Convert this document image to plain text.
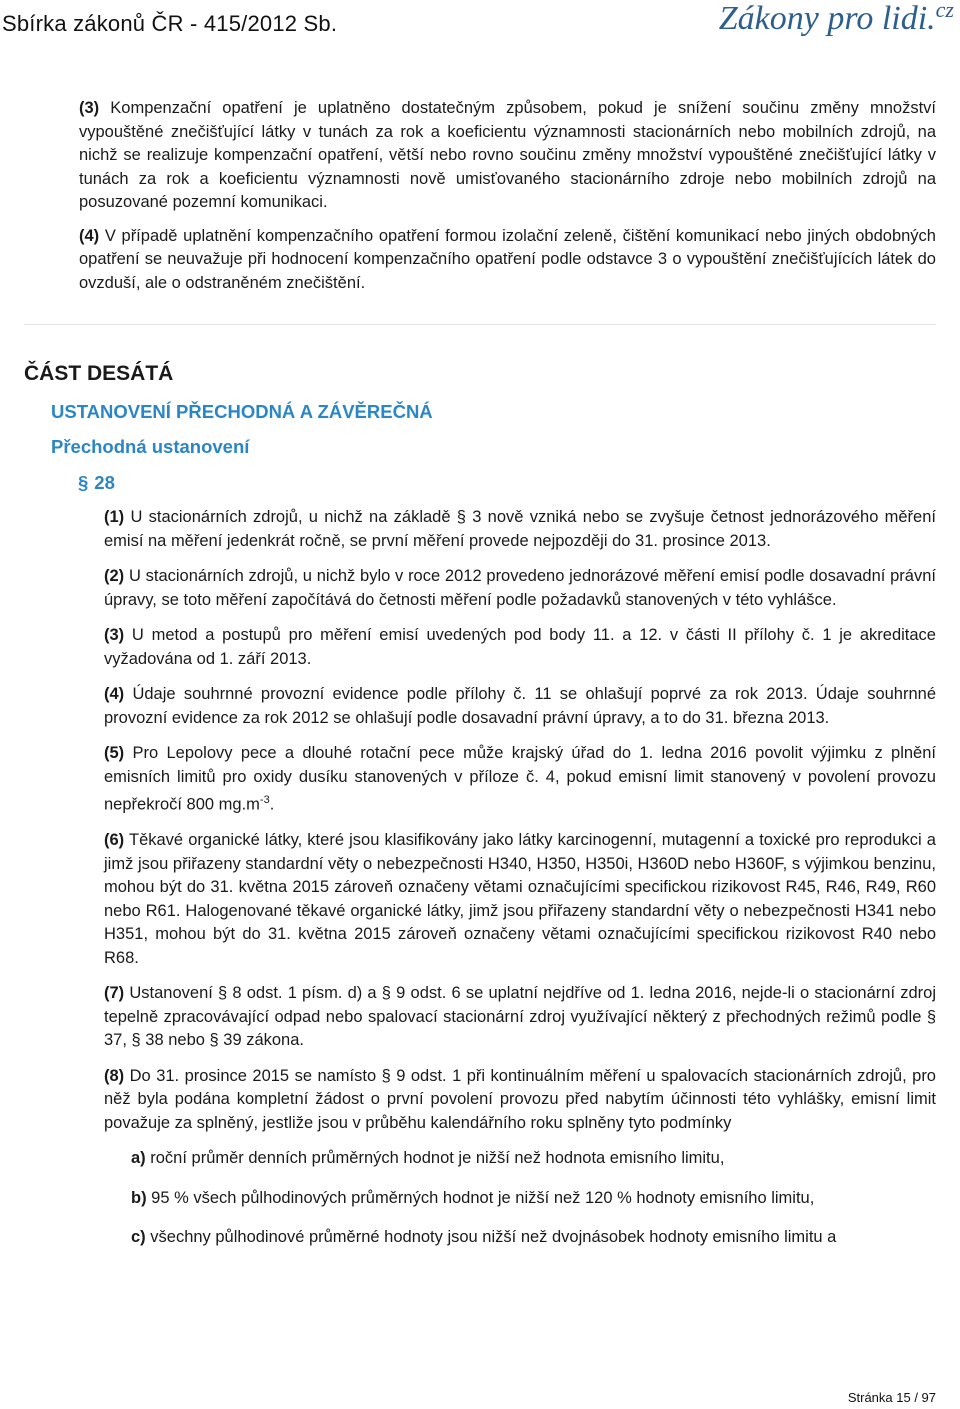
Sbírka zákonů ČR - 415/2012 Sb.	Zákony pro lidi.$^{cz}$

(3) Kompenzační opatření je uplatněno dostatečným způsobem, pokud je snížení součinu změny množství vypouštěné znečišťující látky v tunách za rok a koeficientu významnosti stacionárních nebo mobilních zdrojů, na nichž se realizuje kompenzační opatření, větší nebo rovno součinu změny množství vypouštěné znečišťující látky v tunách za rok a koeficientu významnosti nově umisťovaného stacionárního zdroje nebo mobilních zdrojů na posuzované pozemní komunikaci.

(4) V případě uplatnění kompenzačního opatření formou izolační zeleně, čištění komunikací nebo jiných obdobných opatření se neuvažuje při hodnocení kompenzačního opatření podle odstavce 3 o vypouštění znečišťujících látek do ovzduší, ale o odstraněném znečištění.

ČÁST DESÁTÁ
USTANOVENÍ PŘECHODNÁ A ZÁVĚREČNÁ
Přechodná ustanovení
§ 28

(1) U stacionárních zdrojů, u nichž na základě § 3 nově vzniká nebo se zvyšuje četnost jednorázového měření emisí na měření jedenkrát ročně, se první měření provede nejpozději do 31. prosince 2013.

(2) U stacionárních zdrojů, u nichž bylo v roce 2012 provedeno jednorázové měření emisí podle dosavadní právní úpravy, se toto měření započítává do četnosti měření podle požadavků stanovených v této vyhlášce.

(3) U metod a postupů pro měření emisí uvedených pod body 11. a 12. v části II přílohy č. 1 je akreditace vyžadována od 1. září 2013.

(4) Údaje souhrnné provozní evidence podle přílohy č. 11 se ohlašují poprvé za rok 2013. Údaje souhrnné provozní evidence za rok 2012 se ohlašují podle dosavadní právní úpravy, a to do 31. března 2013.

(5) Pro Lepolovy pece a dlouhé rotační pece může krajský úřad do 1. ledna 2016 povolit výjimku z plnění emisních limitů pro oxidy dusíku stanovených v příloze č. 4, pokud emisní limit stanovený v povolení provozu nepřekročí 800 $mg.m^{-3}$.

(6) Těkavé organické látky, které jsou klasifikovány jako látky karcinogenní, mutagenní a toxické pro reprodukci a jimž jsou přiřazeny standardní věty o nebezpečnosti H340, H350, H350i, H360D nebo H360F, s výjimkou benzinu, mohou být do 31. května 2015 zároveň označeny větami označujícími specifickou rizikovost R45, R46, R49, R60 nebo R61. Halogenované těkavé organické látky, jimž jsou přiřazeny standardní věty o nebezpečnosti H341 nebo H351, mohou být do 31. května 2015 zároveň označeny větami označujícími specifickou rizikovost R40 nebo R68.

(7) Ustanovení § 8 odst. 1 písm. d) a § 9 odst. 6 se uplatní nejdříve od 1. ledna 2016, nejde-li o stacionární zdroj tepelně zpracovávající odpad nebo spalovací stacionární zdroj využívající některý z přechodných režimů podle § 37, § 38 nebo § 39 zákona.

(8) Do 31. prosince 2015 se namísto § 9 odst. 1 při kontinuálním měření u spalovacích stacionárních zdrojů, pro něž byla podána kompletní žádost o první povolení provozu před nabytím účinnosti této vyhlášky, emisní limit považuje za splněný, jestliže jsou v průběhu kalendářního roku splněny tyto podmínky

a) roční průměr denních průměrných hodnot je nižší než hodnota emisního limitu,

b) 95 % všech půlhodinových průměrných hodnot je nižší než 120 % hodnoty emisního limitu,

c) všechny půlhodinové průměrné hodnoty jsou nižší než dvojnásobek hodnoty emisního limitu a

Stránka 15 / 97
